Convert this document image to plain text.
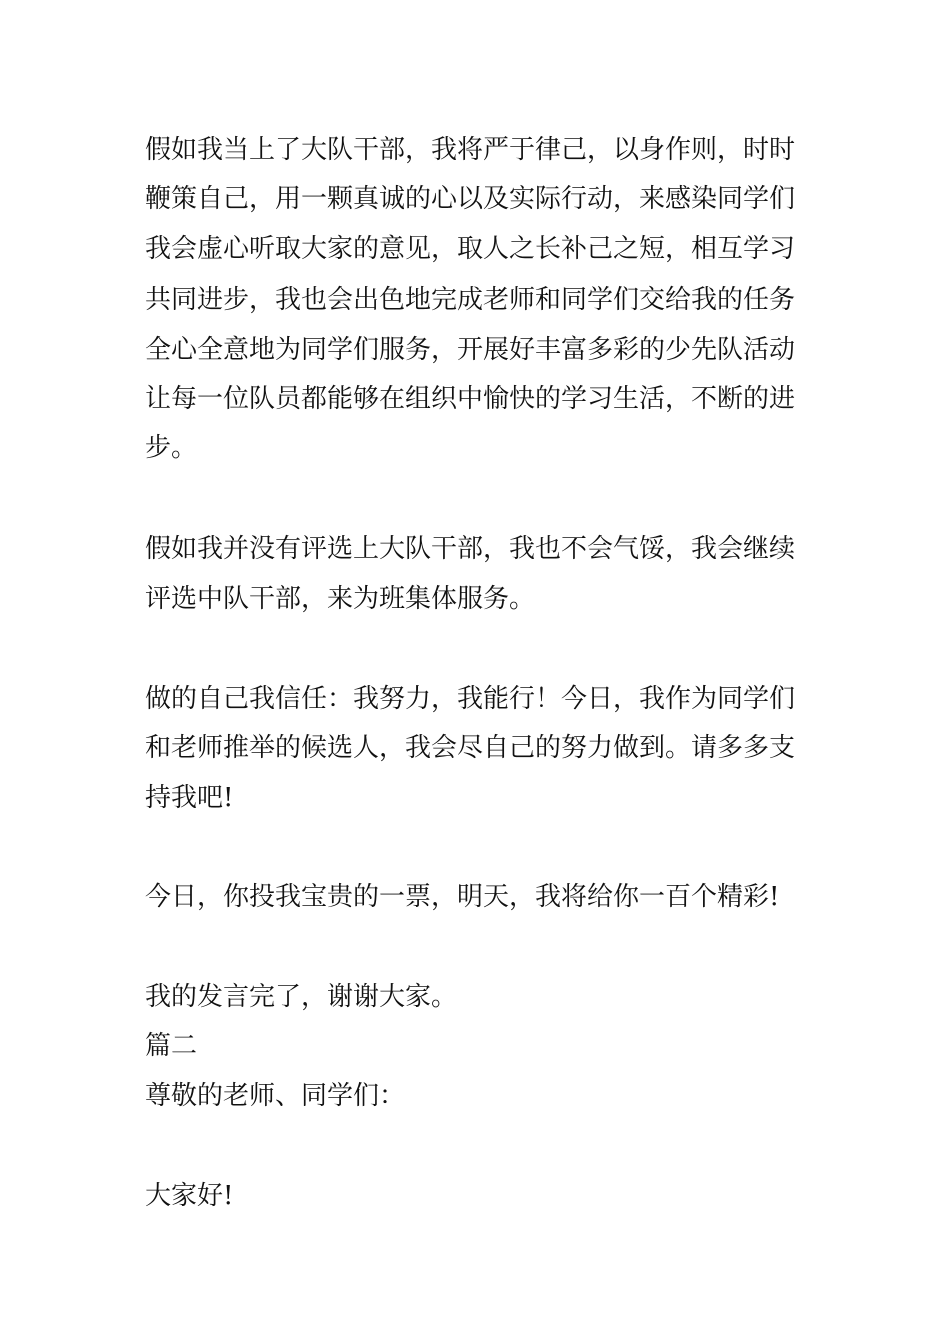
假如我当上了大队干部，我将严于律己，以身作则，时时
鞭策自己，用一颗真诚的心以及实际行动，来感染同学们
我会虚心听取大家的意见，取人之长补己之短，相互学习
共同进步，我也会出色地完成老师和同学们交给我的任务
全心全意地为同学们服务，开展好丰富多彩的少先队活动
让每一位队员都能够在组织中愉快的学习生活，不断的进
步。
假如我并没有评选上大队干部，我也不会气馁，我会继续
评选中队干部，来为班集体服务。
做的自己我信任：我努力，我能行！今日，我作为同学们
和老师推举的候选人，我会尽自己的努力做到。请多多支
持我吧!
今日，你投我宝贵的一票，明天，我将给你一百个精彩!
我的发言完了，谢谢大家。
篇二
尊敬的老师、同学们：
大家好!
